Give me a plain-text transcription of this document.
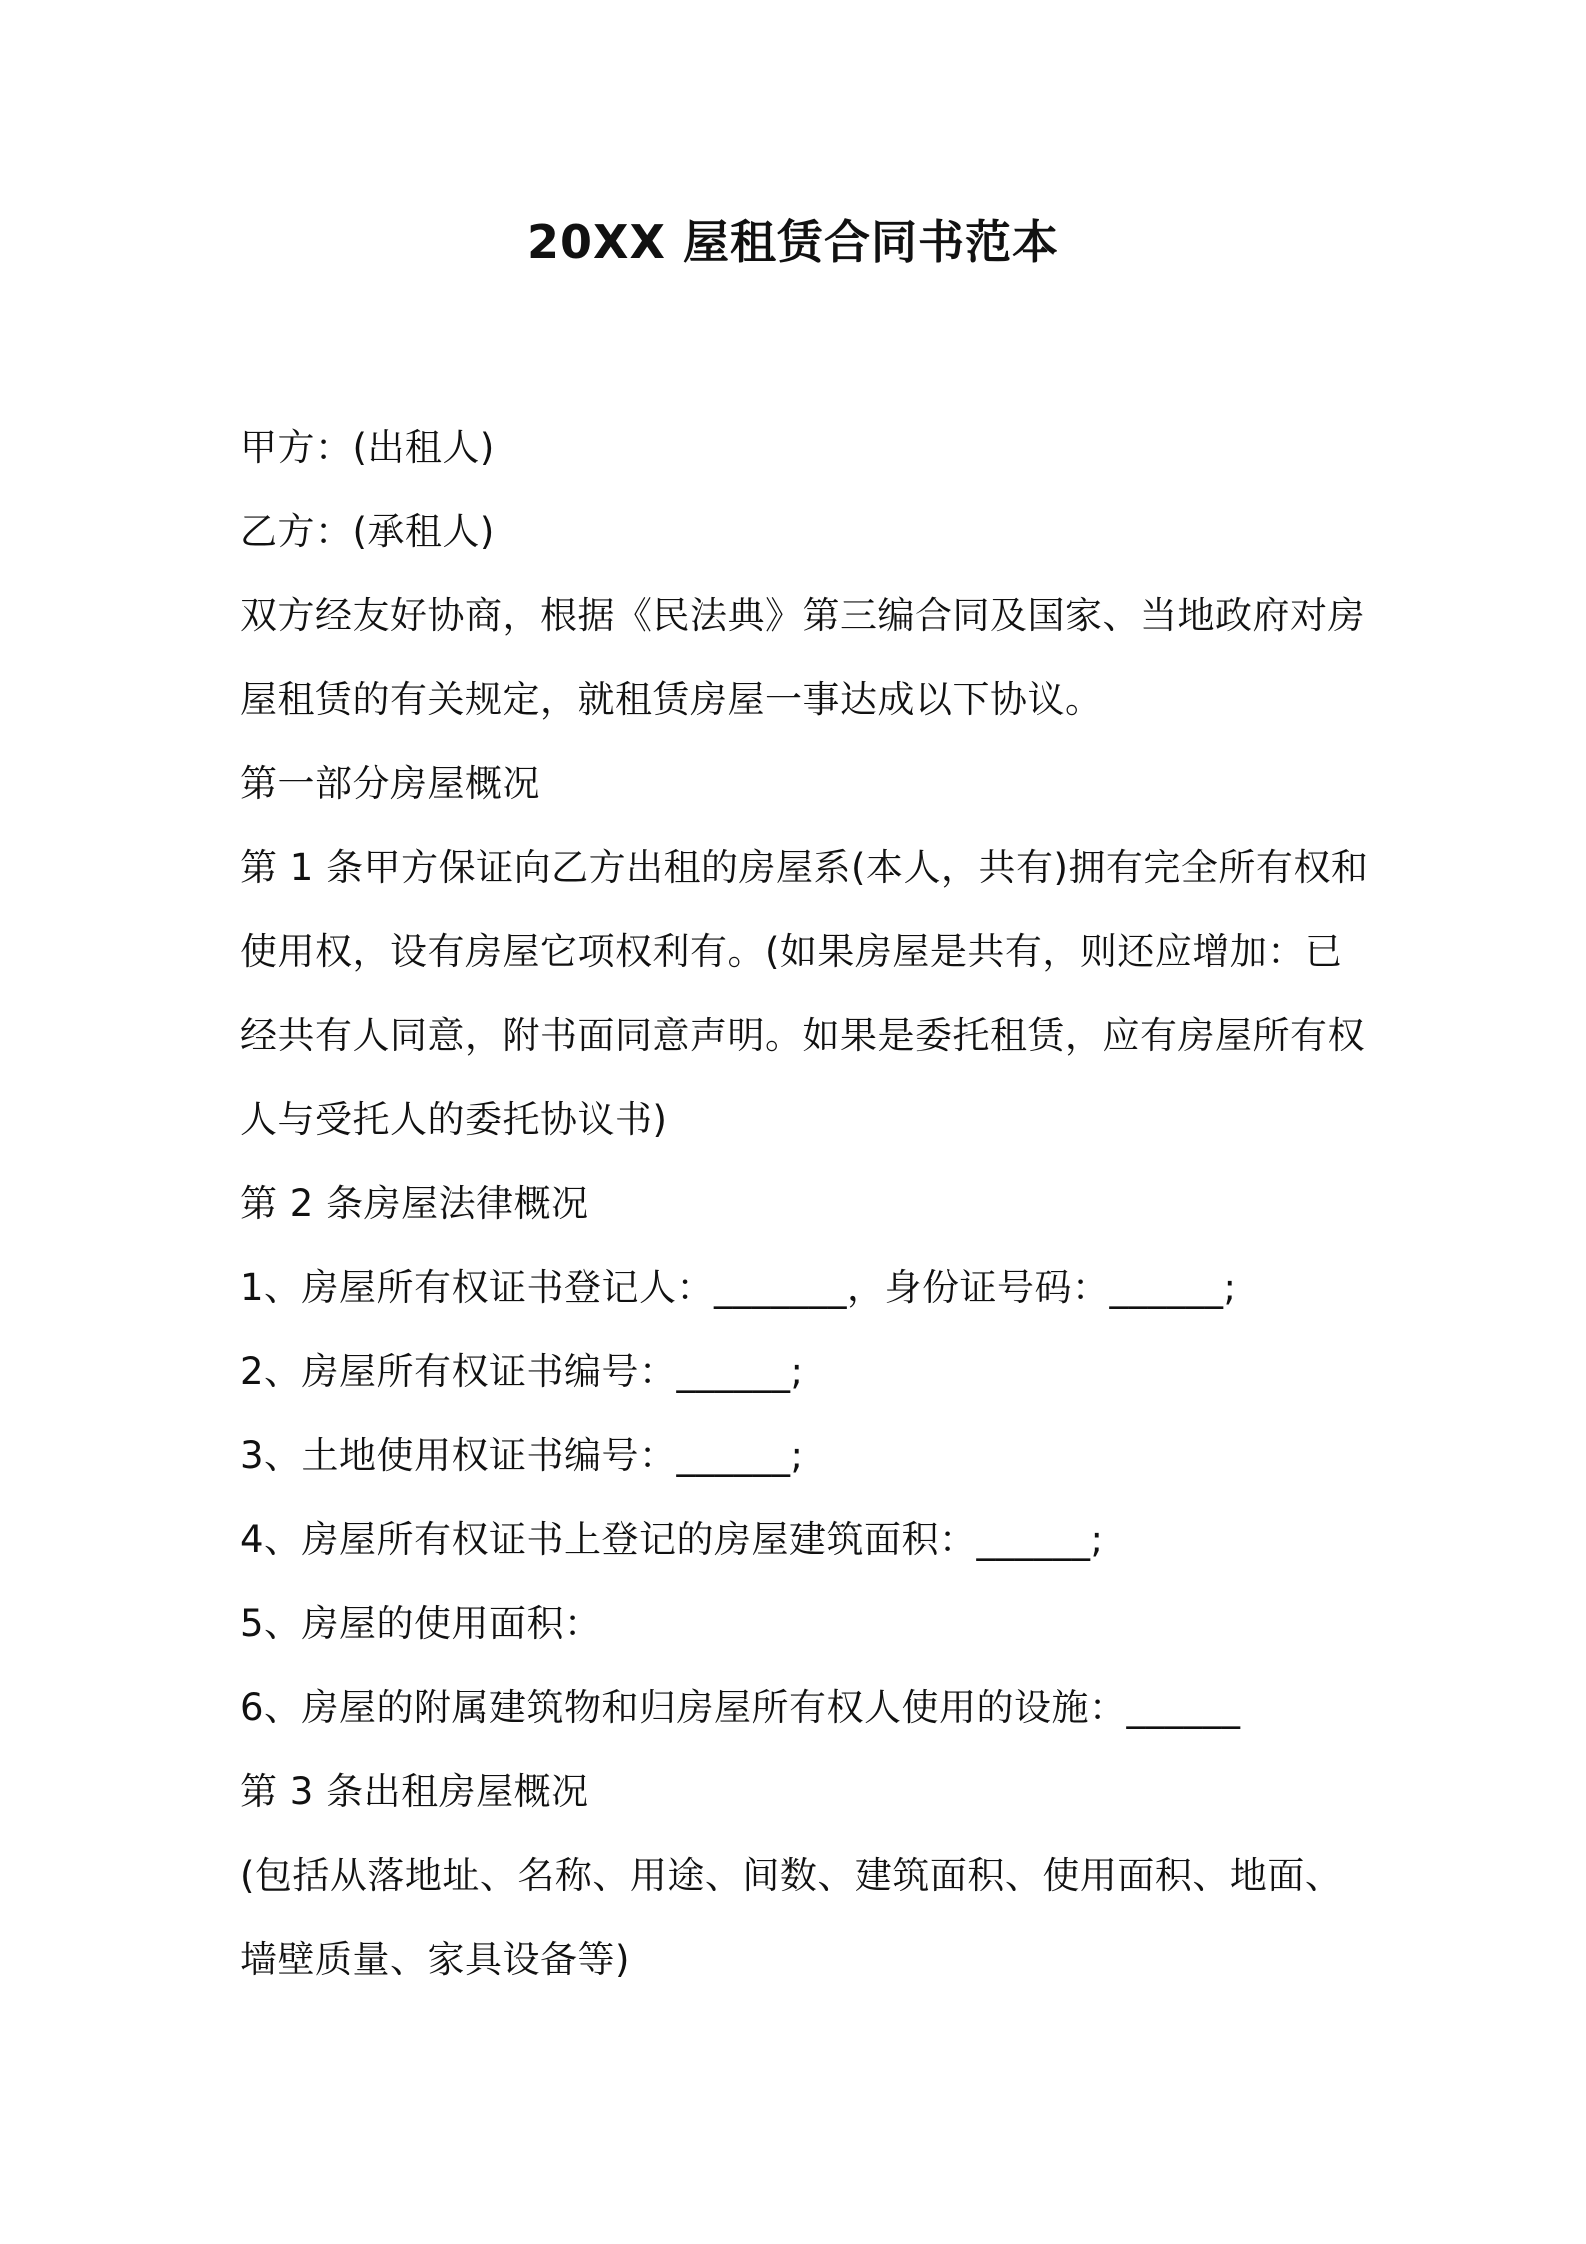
20XX 屋租赁合同书范本
甲方：(出租人)
乙方：(承租人)
双方经友好协商，根据《民法典》第三编合同及国家、当地政府对房
屋租赁的有关规定，就租赁房屋一事达成以下协议。
第一部分房屋概况
第 1 条甲方保证向乙方出租的房屋系(本人，共有)拥有完全所有权和
使用权，设有房屋它项权利有。(如果房屋是共有，则还应增加：已
经共有人同意，附书面同意声明。如果是委托租赁，应有房屋所有权
人与受托人的委托协议书)
第 2 条房屋法律概况
1、房屋所有权证书登记人：_______，身份证号码：______;
2、房屋所有权证书编号：______;
3、土地使用权证书编号：______;
4、房屋所有权证书上登记的房屋建筑面积：______;
5、房屋的使用面积：
6、房屋的附属建筑物和归房屋所有权人使用的设施：______
第 3 条出租房屋概况
(包括从落地址、名称、用途、间数、建筑面积、使用面积、地面、
墙壁质量、家具设备等)
